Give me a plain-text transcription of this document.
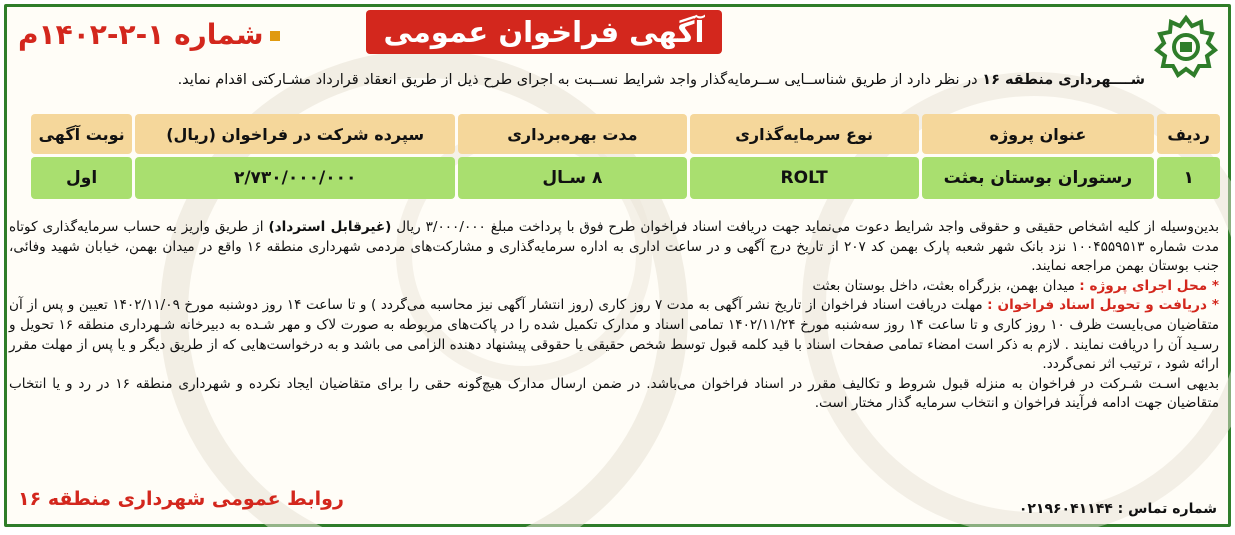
آگهی فراخوان عمومی
شماره ۱-۲-۱۴۰۲م
شــــهرداری منطقه ۱۶ در نظر دارد از طریق شناســایی ســرمایه‌گذار واجد شرایط نســبت به اجرای طرح ذیل از طریق انعقاد قرارداد مشـارکتی اقدام نماید.
ردیف	عنوان پروژه	نوع سرمایه‌گذاری	مدت بهره‌برداری	سپرده شرکت در فراخوان (ریال)	نوبت آگهی
۱	رستوران بوستان بعثت	ROLT	۸ سـال	۲/۷۳۰/۰۰۰/۰۰۰	اول

بدین‌وسیله از کلیه اشخاص حقیقی و حقوقی واجد شرایط دعوت می‌نماید جهت دریافت اسناد فراخوان طرح فوق با پرداخت مبلغ ۳/۰۰۰/۰۰۰ ریال (غیرقابل استرداد) از طریق واریز به حساب سرمایه‌گذاری کوتاه مدت شماره ۱۰۰۴۵۵۹۵۱۳ نزد بانک شهر شعبه پارک بهمن کد ۲۰۷ از تاریخ درج آگهی و در ساعت اداری به اداره سرمایه‌گذاری و مشارکت‌های مردمی شهرداری منطقه ۱۶ واقع در میدان بهمن، خیابان شهید وفائی، جنب بوستان بهمن مراجعه نمایند.

* محل اجرای پروژه : میدان بهمن، بزرگراه بعثت، داخل بوستان بعثت

* دریافت و تحویل اسناد فراخوان : مهلت دریافت اسناد فراخوان از تاریخ نشر آگهی به مدت ۷ روز کاری (روز انتشار آگهی نیز محاسبه می‌گردد ) و تا ساعت ۱۴ روز دوشنبه مورخ ۱۴۰۲/۱۱/۰۹ تعیین و پس از آن متقاضیان می‌بایست ظرف ۱۰ روز کاری و تا ساعت ۱۴ روز سه‌شنبه مورخ ۱۴۰۲/۱۱/۲۴ تمامی اسناد و مدارک تکمیل شده را در پاکت‌های مربوطه به صورت لاک و مهر شـده به دبیرخانه شـهرداری منطقه ۱۶ تحویل و رسـید آن را دریافت نمایند . لازم به ذکر است امضاء تمامی صفحات اسناد با قید کلمه قبول توسط شخص حقیقی یا حقوقی پیشنهاد دهنده الزامی می باشد و به درخواست‌هایی که از طریق دیگر و یا پس از مهلت مقرر ارائه شود ، ترتیب اثر نمی‌گردد.

بدیهی اسـت شـرکت در فراخوان به منزله قبول شروط و تکالیف مقرر در اسناد فراخوان می‌باشد. در ضمن ارسال مدارک هیچ‌گونه حقی را برای متقاضیان ایجاد نکرده و شهرداری منطقه ۱۶ در رد و یا انتخاب متقاضیان جهت ادامه فرآیند فراخوان و انتخاب سرمایه گذار مختار است.

شماره تماس : ۰۲۱۹۶۰۴۱۱۴۴
روابط عمومی شهرداری منطقه ۱۶
